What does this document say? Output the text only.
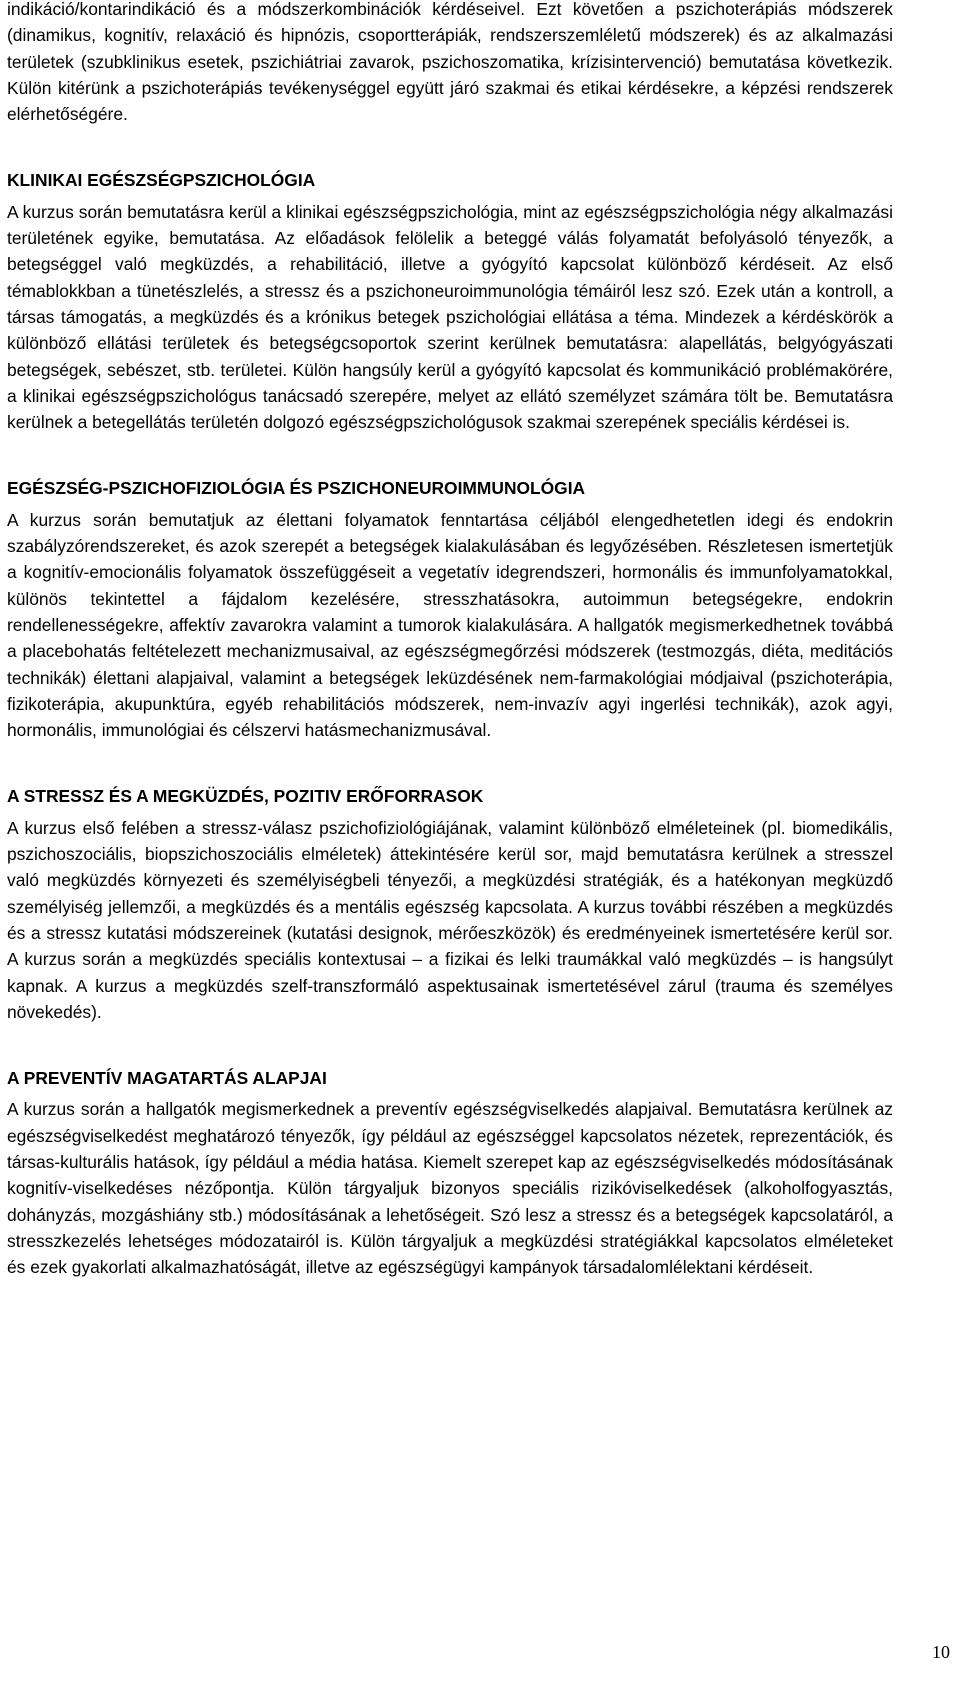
indikáció/kontarindikáció és a módszerkombinációk kérdéseivel. Ezt követően a pszichoterápiás módszerek (dinamikus, kognitív, relaxáció és hipnózis, csoportterápiák, rendszerszemléletű módszerek) és az alkalmazási területek (szubklinikus esetek, pszichiátriai zavarok, pszichoszomatika, krízisintervenció) bemutatása következik. Külön kitérünk a pszichoterápiás tevékenységgel együtt járó szakmai és etikai kérdésekre, a képzési rendszerek elérhetőségére.

KLINIKAI EGÉSZSÉGPSZICHOLÓGIA

A kurzus során bemutatásra kerül a klinikai egészségpszichológia, mint az egészségpszichológia négy alkalmazási területének egyike, bemutatása. Az előadások felölelik a beteggé válás folyamatát befolyásoló tényezők, a betegséggel való megküzdés, a rehabilitáció, illetve a gyógyító kapcsolat különböző kérdéseit. Az első témablokkban a tünetészlelés, a stressz és a pszichoneuroimmunológia témáiról lesz szó. Ezek után a kontroll, a társas támogatás, a megküzdés és a krónikus betegek pszichológiai ellátása a téma. Mindezek a kérdéskörök a különböző ellátási területek és betegségcsoportok szerint kerülnek bemutatásra: alapellátás, belgyógyászati betegségek, sebészet, stb. területei. Külön hangsúly kerül a gyógyító kapcsolat és kommunikáció problémakörére, a klinikai egészségpszichológus tanácsadó szerepére, melyet az ellátó személyzet számára tölt be. Bemutatásra kerülnek a betegellátás területén dolgozó egészségpszichológusok szakmai szerepének speciális kérdései is.

EGÉSZSÉG-PSZICHOFIZIOLÓGIA ÉS PSZICHONEUROIMMUNOLÓGIA

A kurzus során bemutatjuk az élettani folyamatok fenntartása céljából elengedhetetlen idegi és endokrin szabályzórendszereket, és azok szerepét a betegségek kialakulásában és legyőzésében. Részletesen ismertetjük a kognitív-emocionális folyamatok összefüggéseit a vegetatív idegrendszeri, hormonális és immunfolyamatokkal, különös tekintettel a fájdalom kezelésére, stresszhatásokra, autoimmun betegségekre, endokrin rendellenességekre, affektív zavarokra valamint a tumorok kialakulására. A hallgatók megismerkedhetnek továbbá a placebohatás feltételezett mechanizmusaival, az egészségmegőrzési módszerek (testmozgás, diéta, meditációs technikák) élettani alapjaival, valamint a betegségek leküzdésének nem-farmakológiai módjaival (pszichoterápia, fizikoterápia, akupunktúra, egyéb rehabilitációs módszerek, nem-invazív agyi ingerlési technikák), azok agyi, hormonális, immunológiai és célszervi hatásmechanizmusával.

A STRESSZ ÉS A MEGKÜZDÉS, POZITIV ERŐFORRASOK

A kurzus első felében a stressz-válasz pszichofiziológiájának, valamint különböző elméleteinek (pl. biomedikális, pszichoszociális, biopszichoszociális elméletek) áttekintésére kerül sor, majd bemutatásra kerülnek a stresszel való megküzdés környezeti és személyiségbeli tényezői, a megküzdési stratégiák, és a hatékonyan megküzdő személyiség jellemzői, a megküzdés és a mentális egészség kapcsolata. A kurzus további részében a megküzdés és a stressz kutatási módszereinek (kutatási designok, mérőeszközök) és eredményeinek ismertetésére kerül sor. A kurzus során a megküzdés speciális kontextusai – a fizikai és lelki traumákkal való megküzdés – is hangsúlyt kapnak. A kurzus a megküzdés szelf-transzformáló aspektusainak ismertetésével zárul (trauma és személyes növekedés).

A PREVENTÍV MAGATARTÁS ALAPJAI

A kurzus során a hallgatók megismerkednek a preventív egészségviselkedés alapjaival. Bemutatásra kerülnek az egészségviselkedést meghatározó tényezők, így például az egészséggel kapcsolatos nézetek, reprezentációk, és társas-kulturális hatások, így például a média hatása. Kiemelt szerepet kap az egészségviselkedés módosításának kognitív-viselkedéses nézőpontja. Külön tárgyaljuk bizonyos speciális rizikóviselkedések (alkoholfogyasztás, dohányzás, mozgáshiány stb.) módosításának a lehetőségeit. Szó lesz a stressz és a betegségek kapcsolatáról, a stresszkezelés lehetséges módozatairól is. Külön tárgyaljuk a megküzdési stratégiákkal kapcsolatos elméleteket és ezek gyakorlati alkalmazhatóságát, illetve az egészségügyi kampányok társadalomlélektani kérdéseit.

10
